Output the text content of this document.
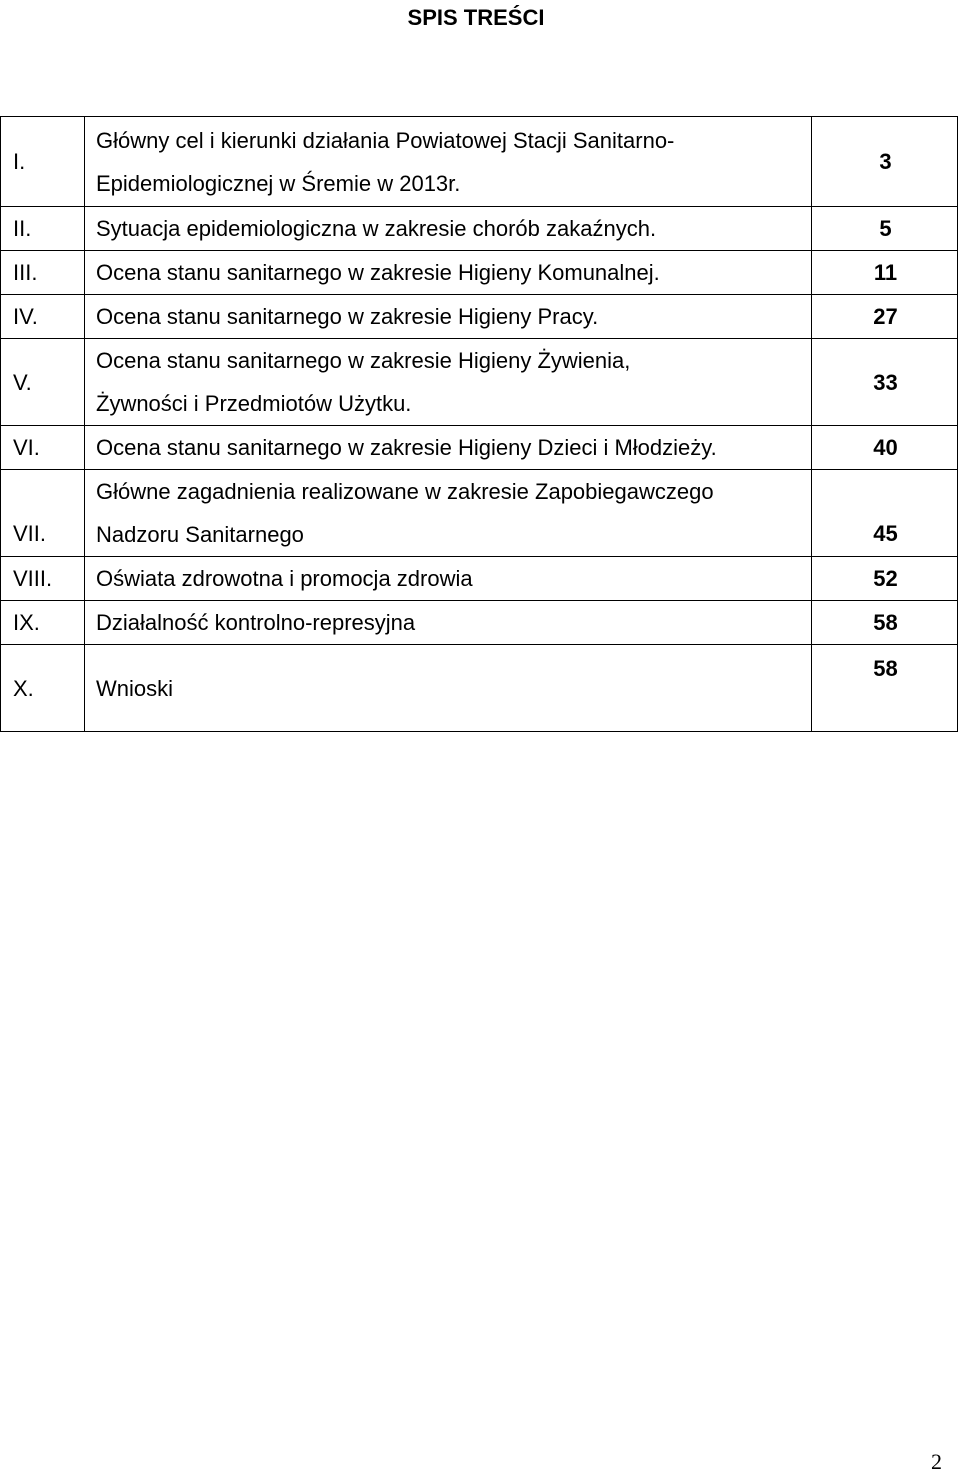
SPIS TREŚCI
I.	Główny cel i kierunki działania Powiatowej Stacji Sanitarno-
Epidemiologicznej w Śremie w 2013r.	3
II.	Sytuacja epidemiologiczna w zakresie chorób zakaźnych.	5
III.	Ocena stanu sanitarnego w zakresie Higieny Komunalnej.	11
IV.	Ocena stanu sanitarnego w zakresie Higieny Pracy.	27
V.	Ocena stanu sanitarnego w zakresie Higieny Żywienia,
Żywności i Przedmiotów Użytku.	33
VI.	Ocena stanu sanitarnego w zakresie Higieny Dzieci i Młodzieży.	40
VII.	Główne zagadnienia realizowane w zakresie Zapobiegawczego
Nadzoru Sanitarnego	45
VIII.	Oświata zdrowotna i promocja zdrowia	52
IX.	Działalność kontrolno-represyjna	58
X.	Wnioski	58
2
